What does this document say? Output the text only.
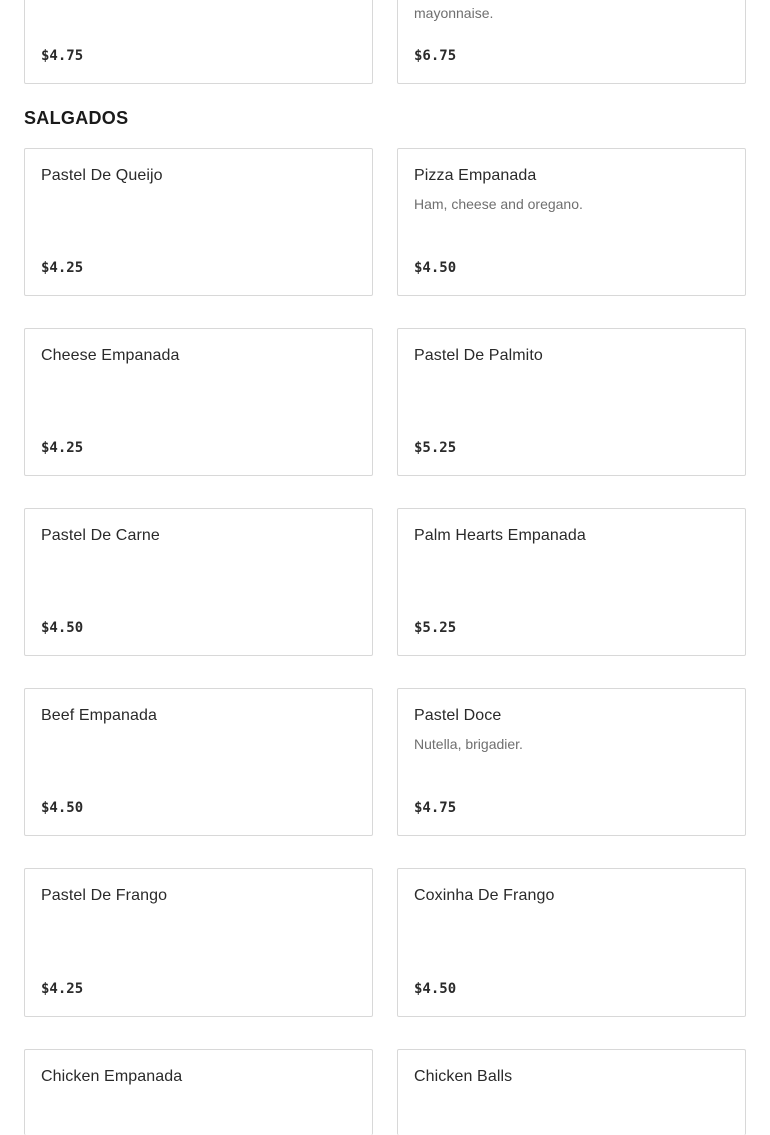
$4.75
mayonnaise.
$6.75
SALGADOS
Pastel De Queijo
$4.25
Pizza Empanada
Ham, cheese and oregano.
$4.50
Cheese Empanada
$4.25
Pastel De Palmito
$5.25
Pastel De Carne
$4.50
Palm Hearts Empanada
$5.25
Beef Empanada
$4.50
Pastel Doce
Nutella, brigadier.
$4.75
Pastel De Frango
$4.25
Coxinha De Frango
$4.50
Chicken Empanada	Chicken Balls
